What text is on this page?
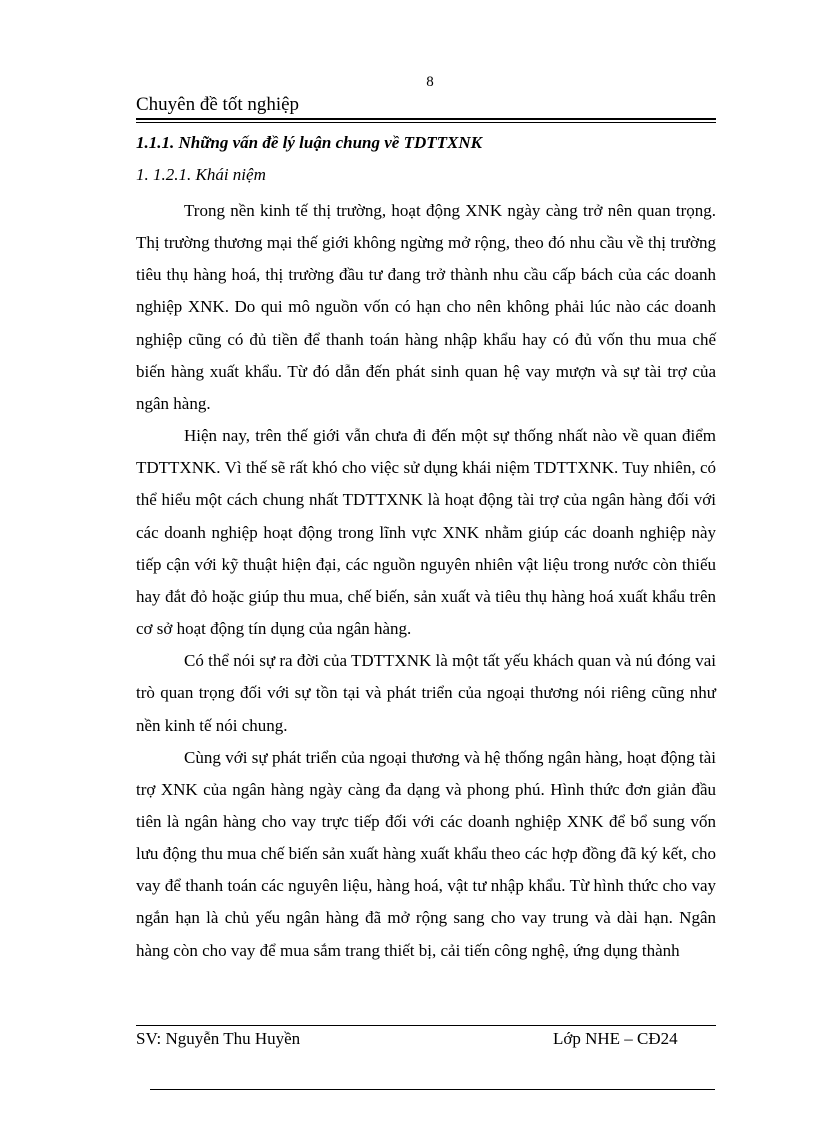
8
Chuyên đề tốt nghiệp
1.1.1. Những vấn đề lý luận chung về TDTTXNK
1. 1.2.1. Khái niệm

Trong nền kinh tế thị trường, hoạt động XNK ngày càng trở nên quan trọng. Thị trường thương mại thế giới không ngừng mở rộng, theo đó nhu cầu về thị trường tiêu thụ hàng hoá, thị trường đầu tư đang trở thành nhu cầu cấp bách của các doanh nghiệp XNK. Do qui mô nguồn vốn có hạn cho nên không phải lúc nào các doanh nghiệp cũng có đủ tiền để thanh toán hàng nhập khẩu hay có đủ vốn thu mua chế biến hàng xuất khẩu. Từ đó dẫn đến phát sinh quan hệ vay mượn và sự tài trợ của ngân hàng.

Hiện nay, trên thế giới vẫn chưa đi đến một sự thống nhất nào về quan điểm TDTTXNK. Vì thế sẽ rất khó cho việc sử dụng khái niệm TDTTXNK. Tuy nhiên, có thể hiểu một cách chung nhất TDTTXNK là hoạt động tài trợ của ngân hàng đối với các doanh nghiệp hoạt động trong lĩnh vực XNK nhằm giúp các doanh nghiệp này tiếp cận với kỹ thuật hiện đại, các nguồn nguyên nhiên vật liệu trong nước còn thiếu hay đắt đỏ hoặc giúp thu mua, chế biến, sản xuất và tiêu thụ hàng hoá xuất khẩu trên cơ sở hoạt động tín dụng của ngân hàng.

Có thể nói sự ra đời của TDTTXNK là một tất yếu khách quan và nú đóng vai trò quan trọng đối với sự tồn tại và phát triển của ngoại thương nói riêng cũng như nền kinh tế nói chung.

Cùng với sự phát triển của ngoại thương và hệ thống ngân hàng, hoạt động tài trợ XNK của ngân hàng ngày càng đa dạng và phong phú. Hình thức đơn giản đầu tiên là ngân hàng cho vay trực tiếp đối với các doanh nghiệp XNK để bổ sung vốn lưu động thu mua chế biến sản xuất hàng xuất khẩu theo các hợp đồng đã ký kết, cho vay để thanh toán các nguyên liệu, hàng hoá, vật tư nhập khẩu. Từ hình thức cho vay ngắn hạn là chủ yếu ngân hàng đã mở rộng sang cho vay trung và dài hạn. Ngân hàng còn cho vay để mua sắm trang thiết bị, cải tiến công nghệ, ứng dụng thành

SV: Nguyễn Thu Huyền	Lớp NHE – CĐ24
